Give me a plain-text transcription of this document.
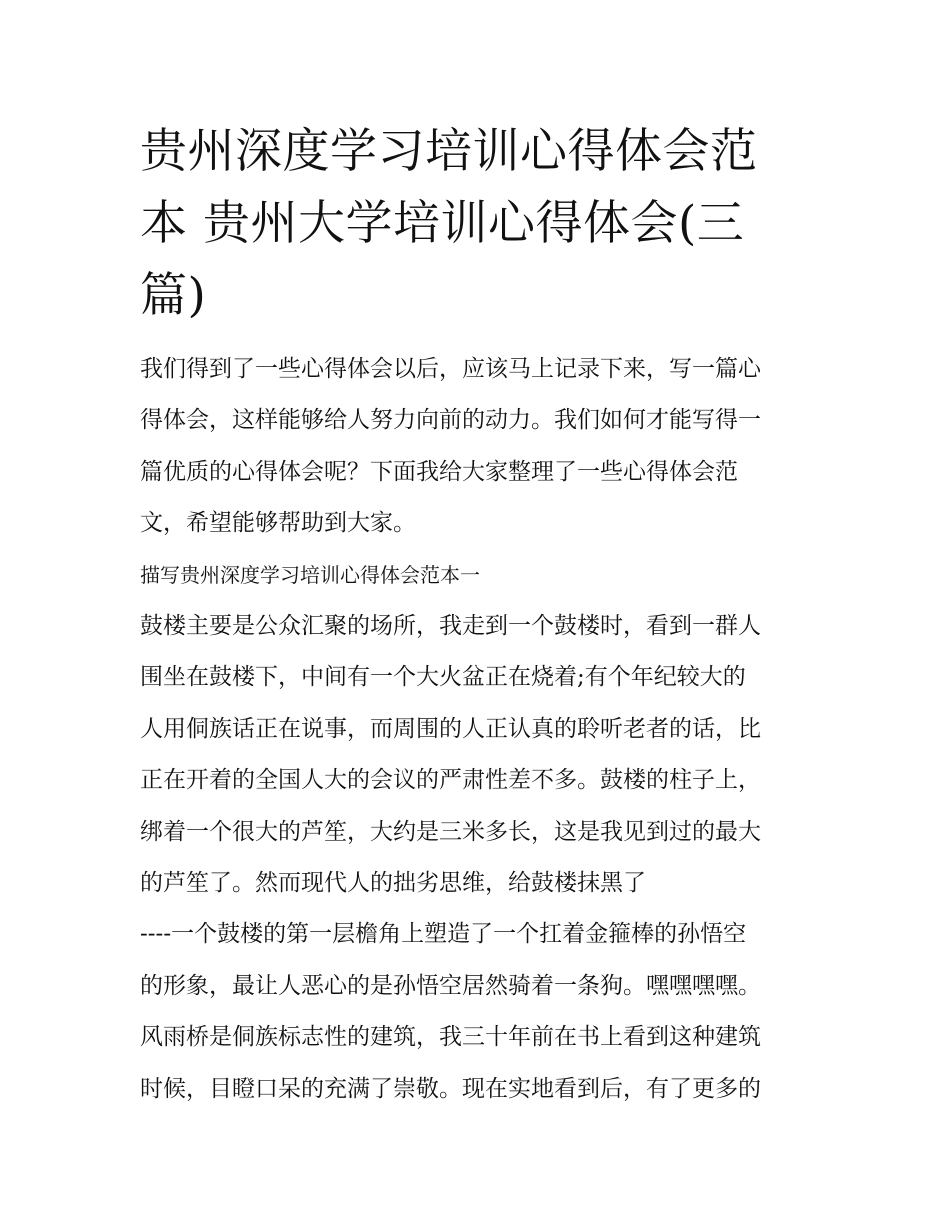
贵州深度学习培训心得体会范
本 贵州大学培训心得体会(三
篇)
我们得到了一些心得体会以后，应该马上记录下来，写一篇心
得体会，这样能够给人努力向前的动力。我们如何才能写得一
篇优质的心得体会呢？下面我给大家整理了一些心得体会范
文，希望能够帮助到大家。
描写贵州深度学习培训心得体会范本一
鼓楼主要是公众汇聚的场所，我走到一个鼓楼时，看到一群人
围坐在鼓楼下，中间有一个大火盆正在烧着;有个年纪较大的
人用侗族话正在说事，而周围的人正认真的聆听老者的话，比
正在开着的全国人大的会议的严肃性差不多。鼓楼的柱子上，
绑着一个很大的芦笙，大约是三米多长，这是我见到过的最大
的芦笙了。然而现代人的拙劣思维，给鼓楼抹黑了
----一个鼓楼的第一层檐角上塑造了一个扛着金箍棒的孙悟空
的形象，最让人恶心的是孙悟空居然骑着一条狗。嘿嘿嘿嘿。
风雨桥是侗族标志性的建筑，我三十年前在书上看到这种建筑
时候，目瞪口呆的充满了崇敬。现在实地看到后，有了更多的
